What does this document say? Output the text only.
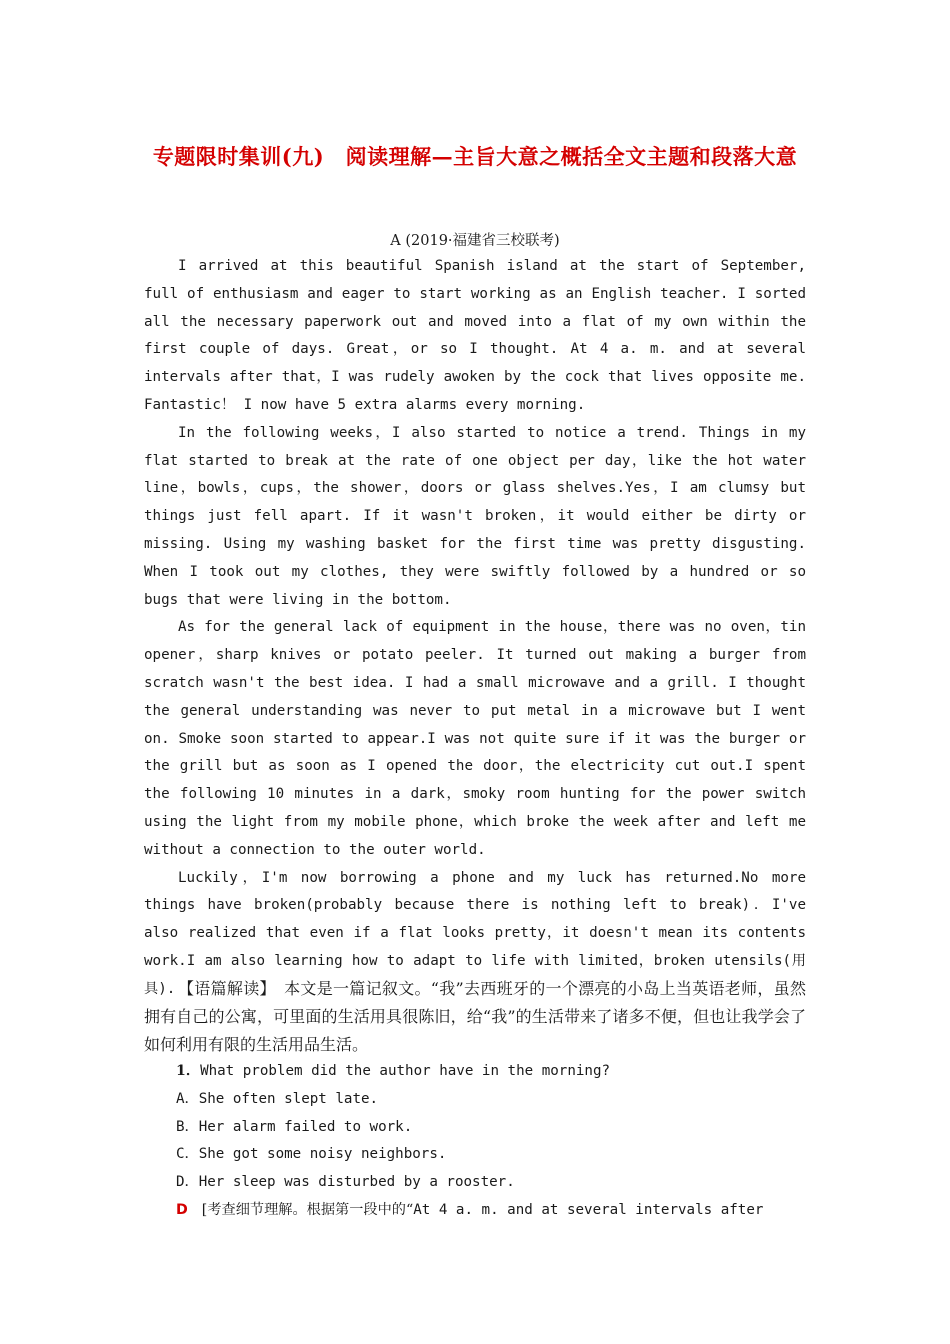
专题限时集训(九)　阅读理解—主旨大意之概括全文主题和段落大意
A (2019·福建省三校联考)

I arrived at this beautiful Spanish island at the start of September, full of enthusiasm and eager to start working as an English teacher. I sorted all the necessary paperwork out and moved into a flat of my own within the first couple of days. Great，or so I thought. At 4 a. m. and at several intervals after that，I was rudely awoken by the cock that lives opposite me. Fantastic！ I now have 5 extra alarms every morning.

In the following weeks，I also started to notice a trend. Things in my flat started to break at the rate of one object per day，like the hot water line，bowls，cups，the shower，doors or glass shelves.Yes，I am clumsy but things just fell apart. If it wasn't broken，it would either be dirty or missing. Using my washing basket for the first time was pretty disgusting. When I took out my clothes, they were swiftly followed by a hundred or so bugs that were living in the bottom.

As for the general lack of equipment in the house，there was no oven，tin opener，sharp knives or potato peeler. It turned out making a burger from scratch wasn't the best idea. I had a small microwave and a grill. I thought the general understanding was never to put metal in a microwave but I went on. Smoke soon started to appear.I was not quite sure if it was the burger or the grill but as soon as I opened the door，the electricity cut out.I spent the following 10 minutes in a dark，smoky room hunting for the power switch using the light from my mobile phone，which broke the week after and left me without a connection to the outer world.

Luckily，I'm now borrowing a phone and my luck has returned.No more things have broken(probably because there is nothing left to break)．I've also realized that even if a flat looks pretty，it doesn't mean its contents work.I am also learning how to adapt to life with limited，broken utensils(用具). 【语篇解读】　 本文是一篇记叙文。“我”去西班牙的一个漂亮的小岛上当英语老师，虽然拥有自己的公寓，可里面的生活用具很陈旧，给“我”的生活带来了诸多不便，但也让我学会了如何利用有限的生活用品生活。
1．What problem did the author have in the morning?
A．She often slept late.
B．Her alarm failed to work.
C．She got some noisy neighbors.
D．Her sleep was disturbed by a rooster.
D [考查细节理解。根据第一段中的“At 4 a. m. and at several intervals after
